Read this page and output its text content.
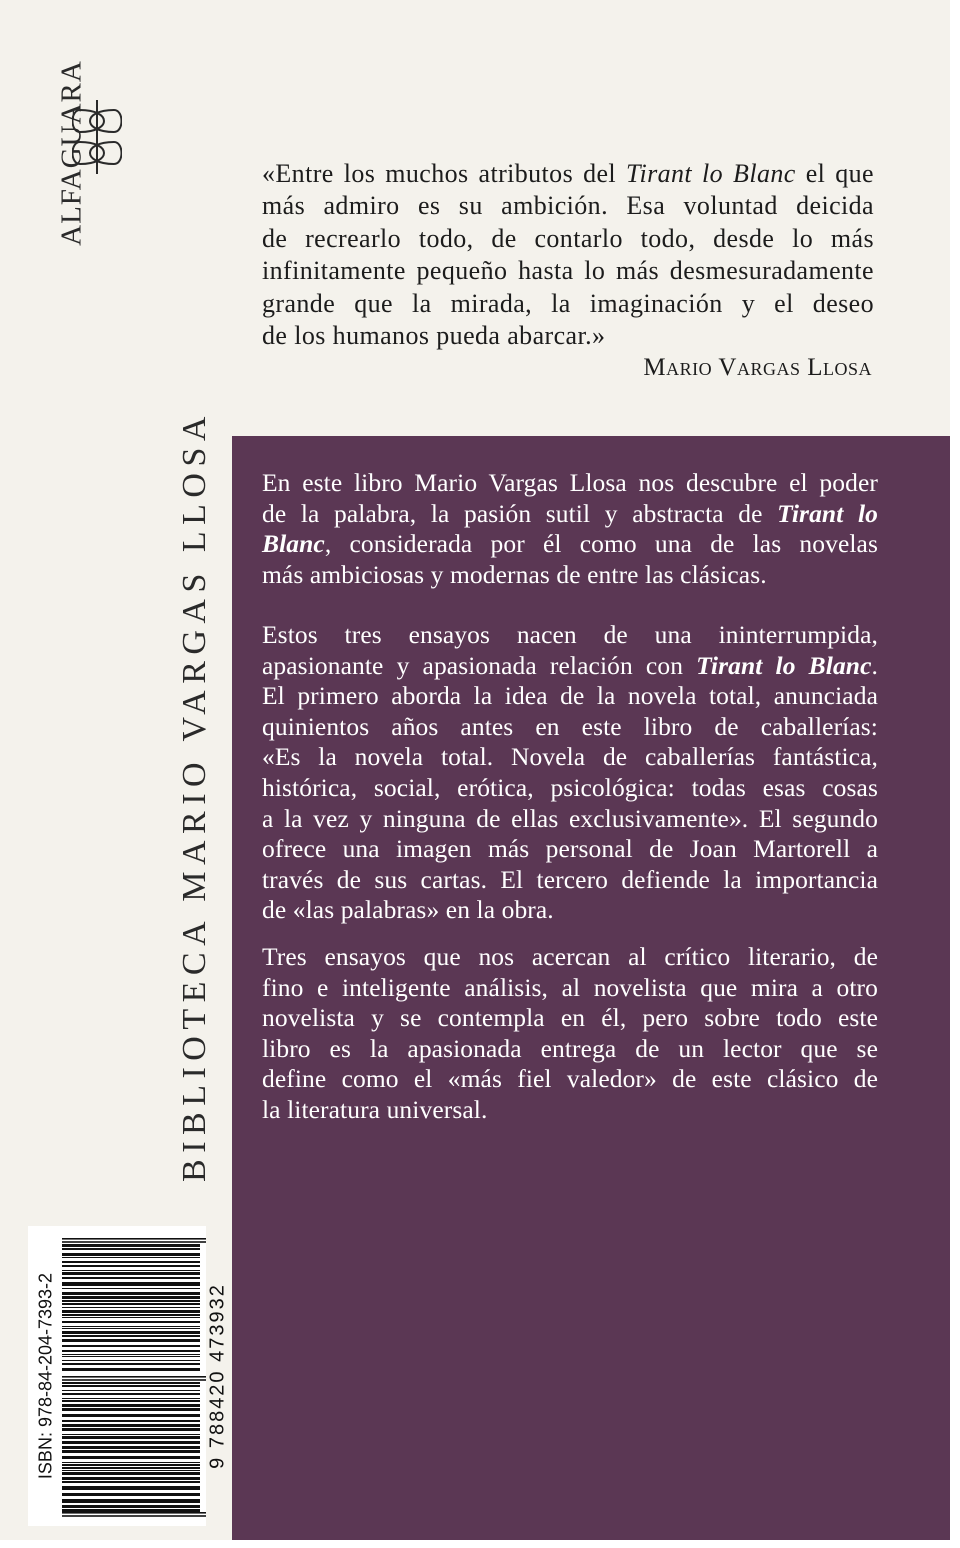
ALFAGUARA	«Entre los muchos atributos del Tirant lo Blanc el que
más admiro es su ambición. Esa voluntad deicida
de recrearlo todo, de contarlo todo, desde lo más
infinitamente pequeño hasta lo más desmesuradamente
grande que la mirada, la imaginación y el deseo
de los humanos pueda abarcar.»
Mario Vargas Llosa
BIBLIOTECA MARIO VARGAS LLOSA En este libro Mario Vargas Llosa nos descubre el poder
de la palabra, la pasión sutil y abstracta de Tirant lo
Blanc, considerada por él como una de las novelas
más ambiciosas y modernas de entre las clásicas.
Estos tres ensayos nacen de una ininterrumpida,
apasionante y apasionada relación con Tirant lo Blanc.
El primero aborda la idea de la novela total, anunciada
quinientos años antes en este libro de caballerías:
«Es la novela total. Novela de caballerías fantástica,
histórica, social, erótica, psicológica: todas esas cosas
a la vez y ninguna de ellas exclusivamente». El segundo
ofrece una imagen más personal de Joan Martorell a
través de sus cartas. El tercero defiende la importancia
de «las palabras» en la obra.
Tres ensayos que nos acercan al crítico literario, de
fino e inteligente análisis, al novelista que mira a otro
novelista y se contempla en él, pero sobre todo este
libro es la apasionada entrega de un lector que se
define como el «más fiel valedor» de este clásico de
la literatura universal.
ISBN: 978-84-204-7393-2	9 788420 473932
